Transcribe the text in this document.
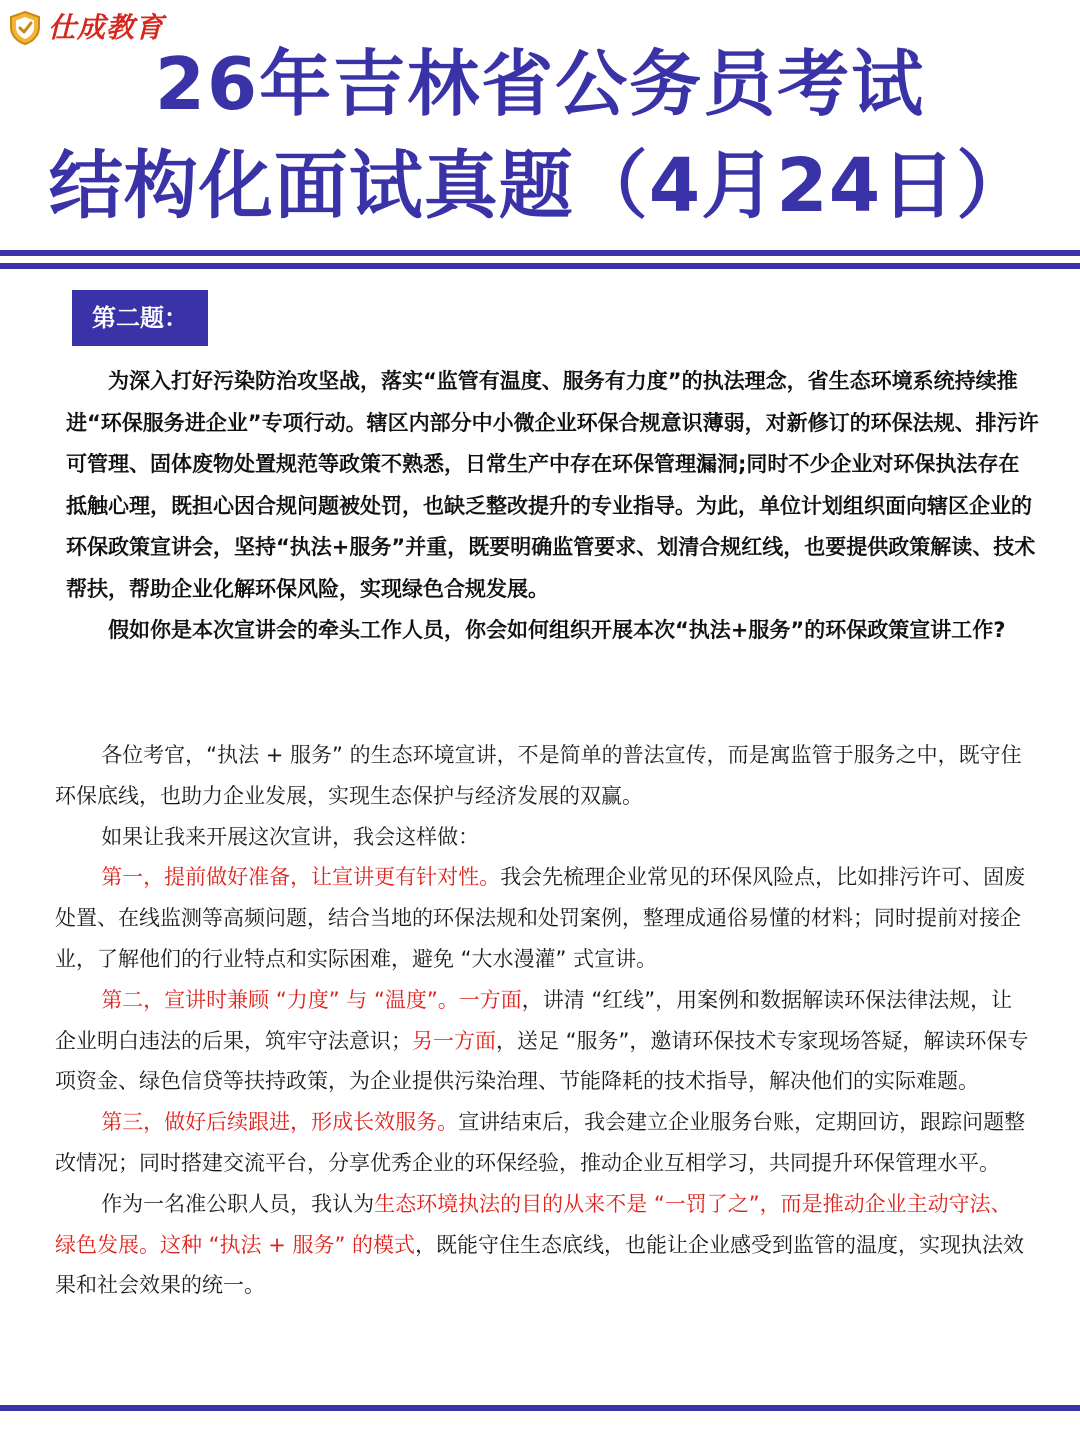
仕成教育
26年吉林省公务员考试
结构化面试真题（4月24日）
第二题：

为深入打好污染防治攻坚战，落实“监管有温度、服务有力度”的执法理念，省生态环境系统持续推进“环保服务进企业”专项行动。辖区内部分中小微企业环保合规意识薄弱，对新修订的环保法规、排污许可管理、固体废物处置规范等政策不熟悉，日常生产中存在环保管理漏洞;同时不少企业对环保执法存在抵触心理，既担心因合规问题被处罚，也缺乏整改提升的专业指导。为此，单位计划组织面向辖区企业的环保政策宣讲会，坚持“执法+服务”并重，既要明确监管要求、划清合规红线，也要提供政策解读、技术帮扶，帮助企业化解环保风险，实现绿色合规发展。

假如你是本次宣讲会的牵头工作人员，你会如何组织开展本次“执法+服务”的环保政策宣讲工作?

各位考官，“执法 + 服务” 的生态环境宣讲，不是简单的普法宣传，而是寓监管于服务之中，既守住环保底线，也助力企业发展，实现生态保护与经济发展的双赢。

如果让我来开展这次宣讲，我会这样做：

第一，提前做好准备，让宣讲更有针对性。我会先梳理企业常见的环保风险点，比如排污许可、固废处置、在线监测等高频问题，结合当地的环保法规和处罚案例，整理成通俗易懂的材料；同时提前对接企业，了解他们的行业特点和实际困难，避免 “大水漫灌” 式宣讲。

第二，宣讲时兼顾 “力度” 与 “温度”。一方面，讲清 “红线”，用案例和数据解读环保法律法规，让企业明白违法的后果，筑牢守法意识；另一方面，送足 “服务”，邀请环保技术专家现场答疑，解读环保专项资金、绿色信贷等扶持政策，为企业提供污染治理、节能降耗的技术指导，解决他们的实际难题。

第三，做好后续跟进，形成长效服务。宣讲结束后，我会建立企业服务台账，定期回访，跟踪问题整改情况；同时搭建交流平台，分享优秀企业的环保经验，推动企业互相学习，共同提升环保管理水平。

作为一名准公职人员，我认为生态环境执法的目的从来不是 “一罚了之”，而是推动企业主动守法、绿色发展。这种 “执法 + 服务” 的模式，既能守住生态底线，也能让企业感受到监管的温度，实现执法效果和社会效果的统一。
